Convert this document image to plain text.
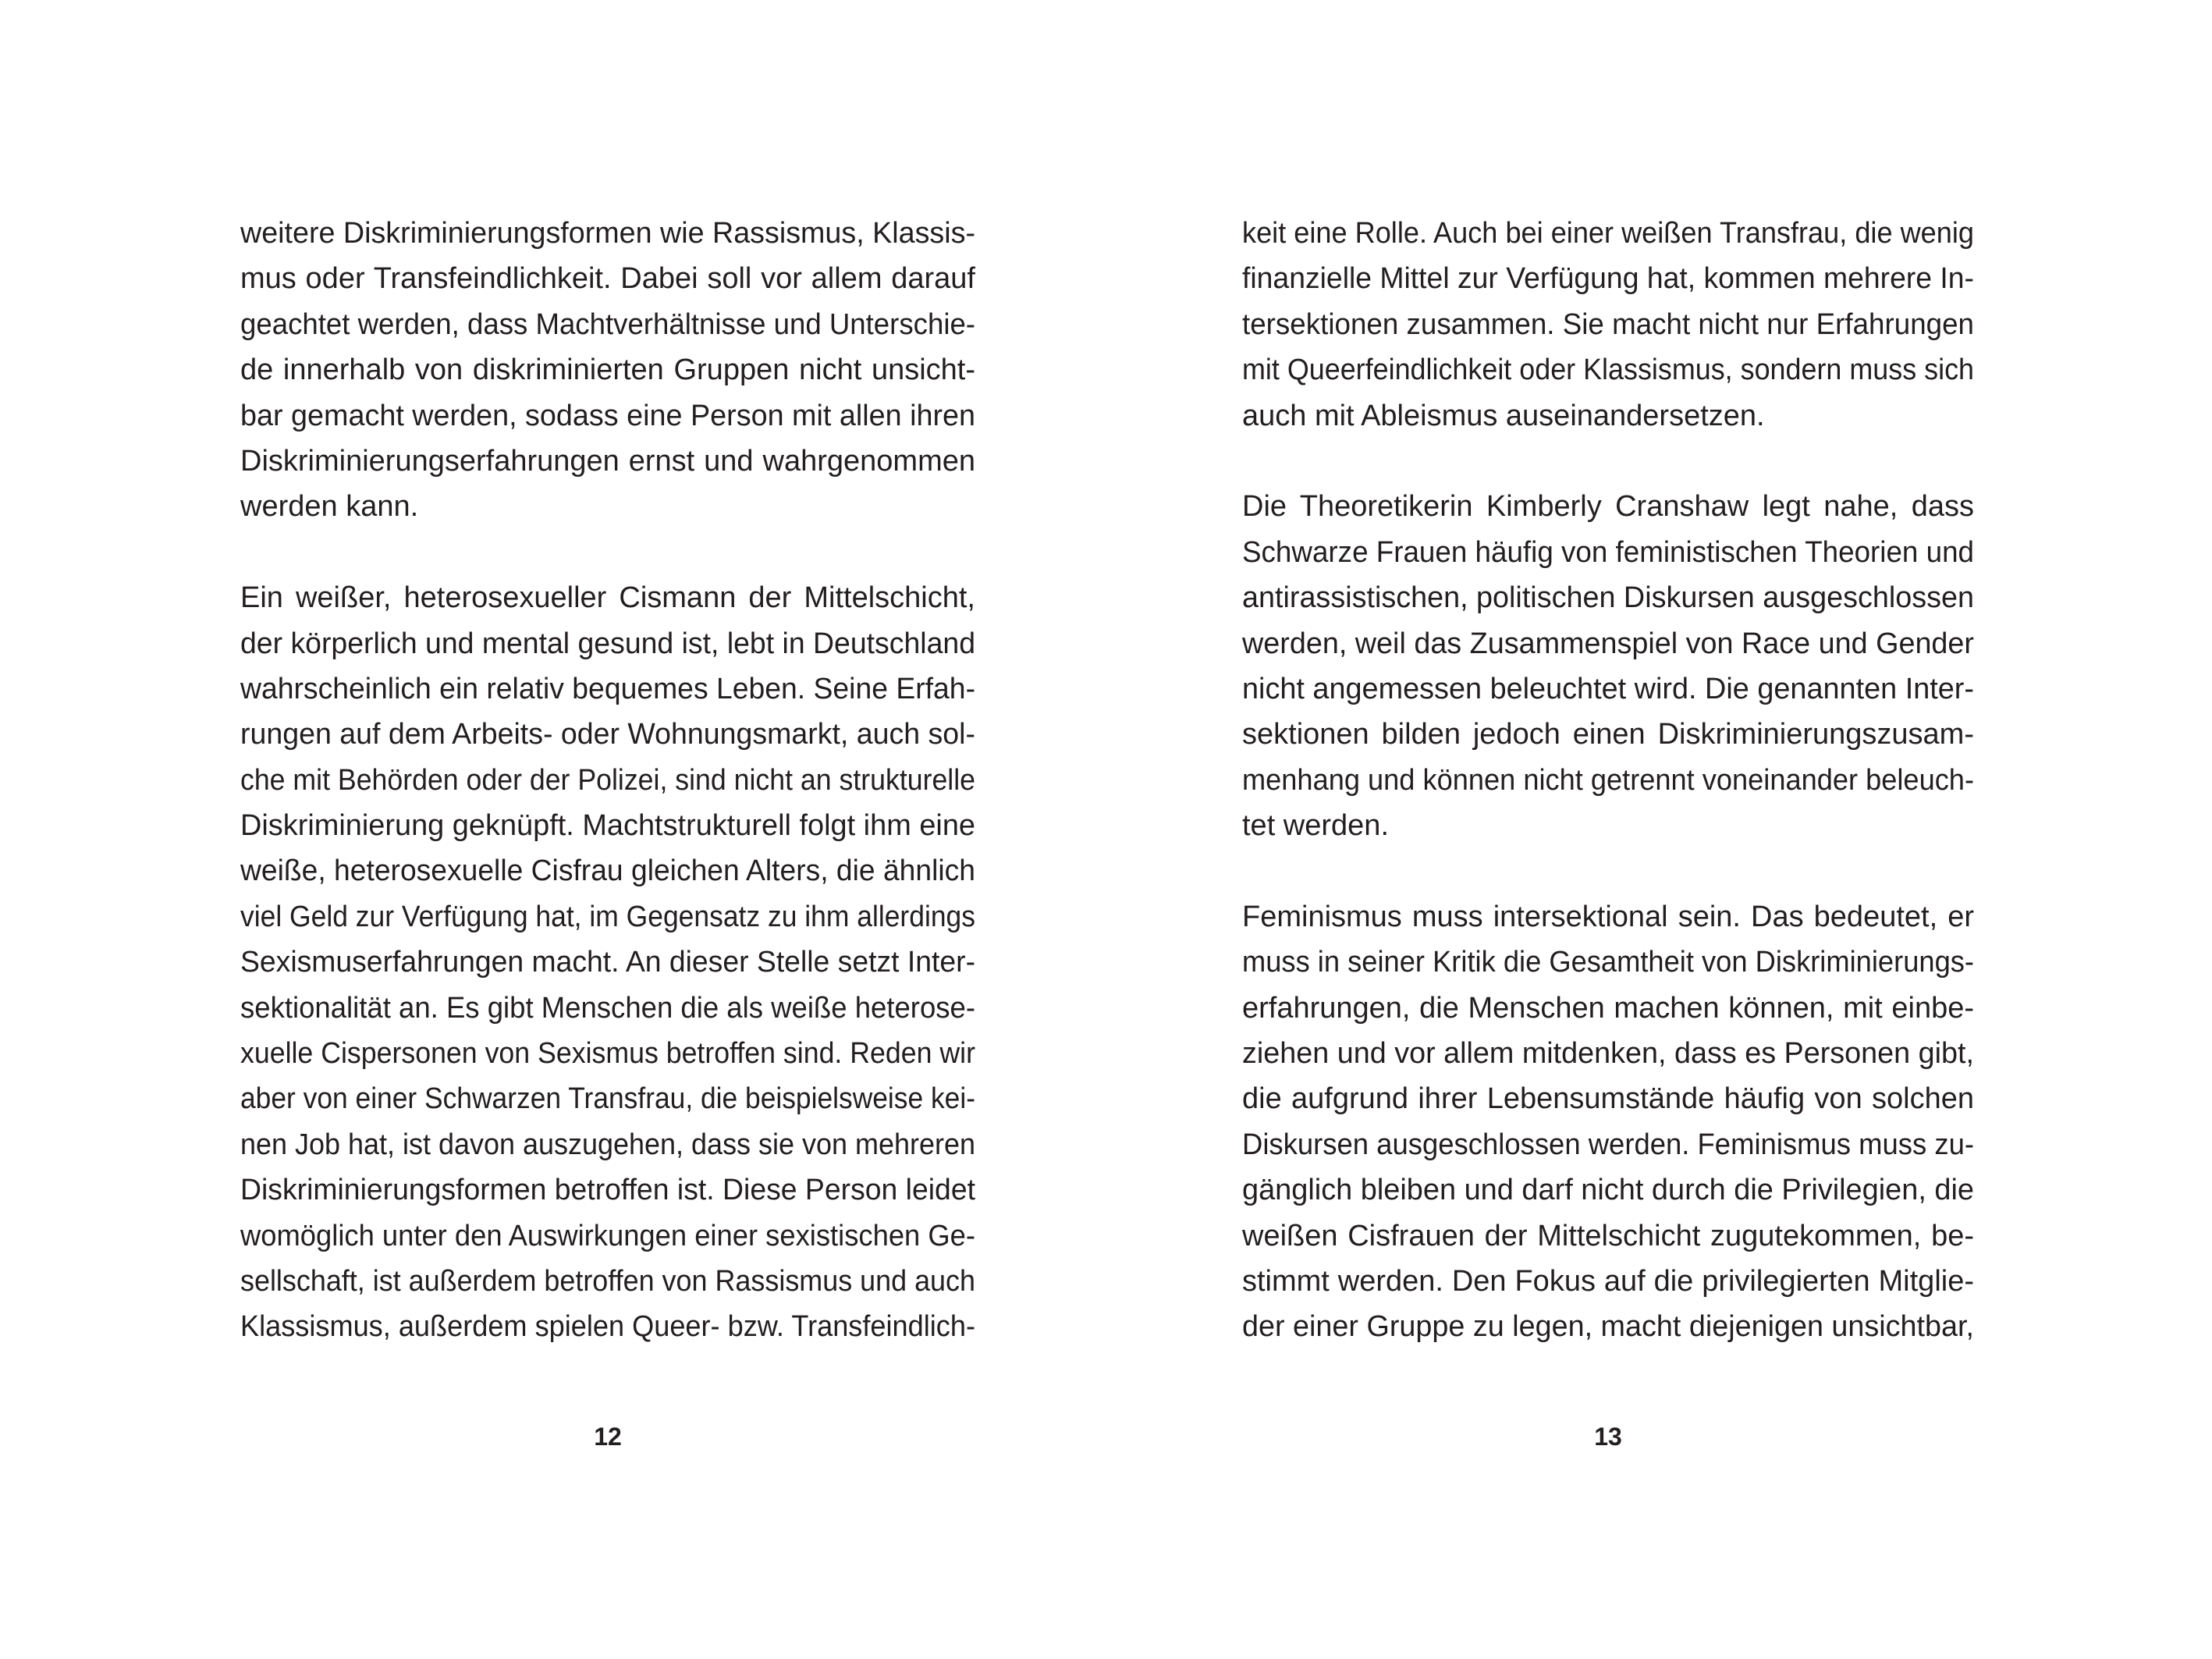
weitere Diskriminierungsformen wie Rassismus, Klassis-
mus oder Transfeindlichkeit. Dabei soll vor allem darauf
geachtet werden, dass Machtverhältnisse und Unterschie-
de innerhalb von diskriminierten Gruppen nicht unsicht-
bar gemacht werden, sodass eine Person mit allen ihren
Diskriminierungserfahrungen ernst und wahrgenommen
werden kann.
Ein weißer, heterosexueller Cismann der Mittelschicht,
der körperlich und mental gesund ist, lebt in Deutschland
wahrscheinlich ein relativ bequemes Leben. Seine Erfah-
rungen auf dem Arbeits- oder Wohnungsmarkt, auch sol-
che mit Behörden oder der Polizei, sind nicht an strukturelle
Diskriminierung geknüpft. Machtstrukturell folgt ihm eine
weiße, heterosexuelle Cisfrau gleichen Alters, die ähnlich
viel Geld zur Verfügung hat, im Gegensatz zu ihm allerdings
Sexismuserfahrungen macht. An dieser Stelle setzt Inter-
sektionalität an. Es gibt Menschen die als weiße heterose-
xuelle Cispersonen von Sexismus betroffen sind. Reden wir
aber von einer Schwarzen Transfrau, die beispielsweise kei-
nen Job hat, ist davon auszugehen, dass sie von mehreren
Diskriminierungsformen betroffen ist. Diese Person leidet
womöglich unter den Auswirkungen einer sexistischen Ge-
sellschaft, ist außerdem betroffen von Rassismus und auch
Klassismus, außerdem spielen Queer- bzw. Transfeindlich-
12
keit eine Rolle. Auch bei einer weißen Transfrau, die wenig
finanzielle Mittel zur Verfügung hat, kommen mehrere In-
tersektionen zusammen. Sie macht nicht nur Erfahrungen
mit Queerfeindlichkeit oder Klassismus, sondern muss sich
auch mit Ableismus auseinandersetzen.
Die Theoretikerin Kimberly Cranshaw legt nahe, dass
Schwarze Frauen häufig von feministischen Theorien und
antirassistischen, politischen Diskursen ausgeschlossen
werden, weil das Zusammenspiel von Race und Gender
nicht angemessen beleuchtet wird. Die genannten Inter-
sektionen bilden jedoch einen Diskriminierungszusam-
menhang und können nicht getrennt voneinander beleuch-
tet werden.
Feminismus muss intersektional sein. Das bedeutet, er
muss in seiner Kritik die Gesamtheit von Diskriminierungs-
erfahrungen, die Menschen machen können, mit einbe-
ziehen und vor allem mitdenken, dass es Personen gibt,
die aufgrund ihrer Lebensumstände häufig von solchen
Diskursen ausgeschlossen werden. Feminismus muss zu-
gänglich bleiben und darf nicht durch die Privilegien, die
weißen Cisfrauen der Mittelschicht zugutekommen, be-
stimmt werden. Den Fokus auf die privilegierten Mitglie-
der einer Gruppe zu legen, macht diejenigen unsichtbar,
13
